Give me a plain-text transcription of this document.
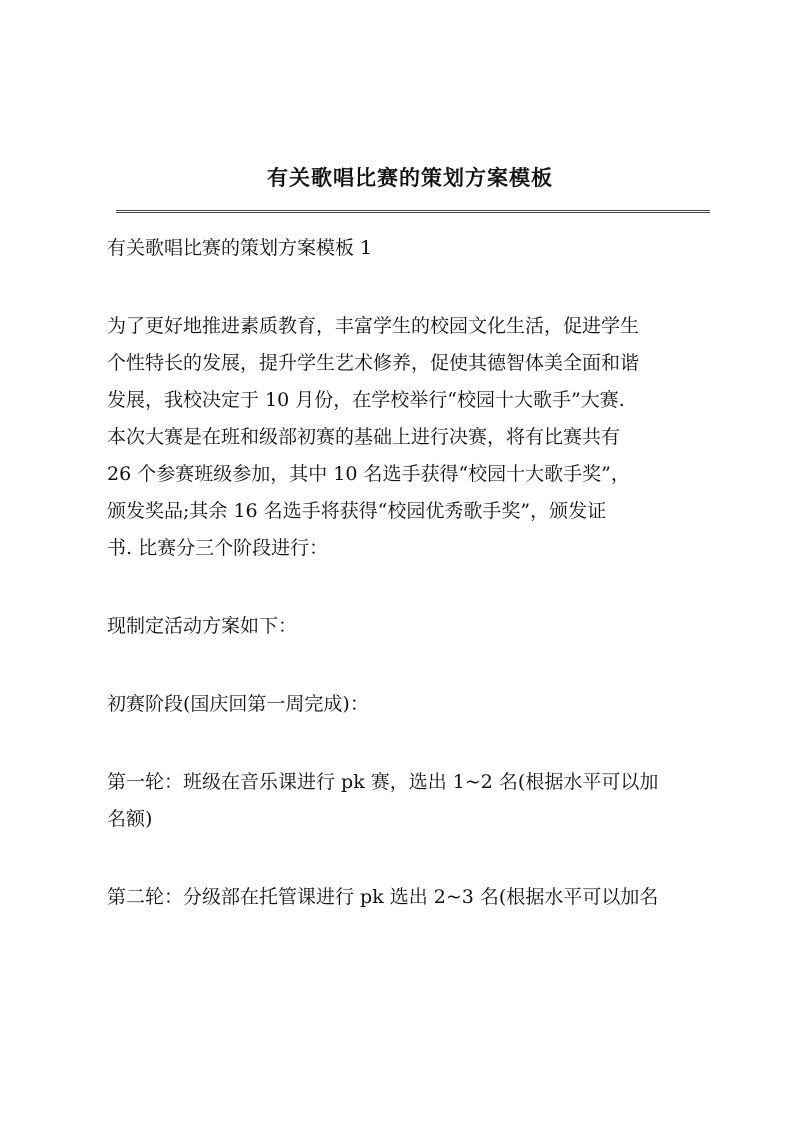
有关歌唱比赛的策划方案模板

有关歌唱比赛的策划方案模板 1

为了更好地推进素质教育，丰富学生的校园文化生活，促进学生
个性特长的发展，提升学生艺术修养，促使其德智体美全面和谐
发展，我校决定于 10 月份，在学校举行“校园十大歌手”大赛.
本次大赛是在班和级部初赛的基础上进行决赛，将有比赛共有
26 个参赛班级参加，其中 10 名选手获得“校园十大歌手奖”，
颁发奖品;其余 16 名选手将获得“校园优秀歌手奖”，颁发证
书. 比赛分三个阶段进行：

现制定活动方案如下：

初赛阶段(国庆回第一周完成)：

第一轮：班级在音乐课进行 pk 赛，选出 1~2 名(根据水平可以加
名额)

第二轮：分级部在托管课进行 pk 选出 2~3 名(根据水平可以加名
